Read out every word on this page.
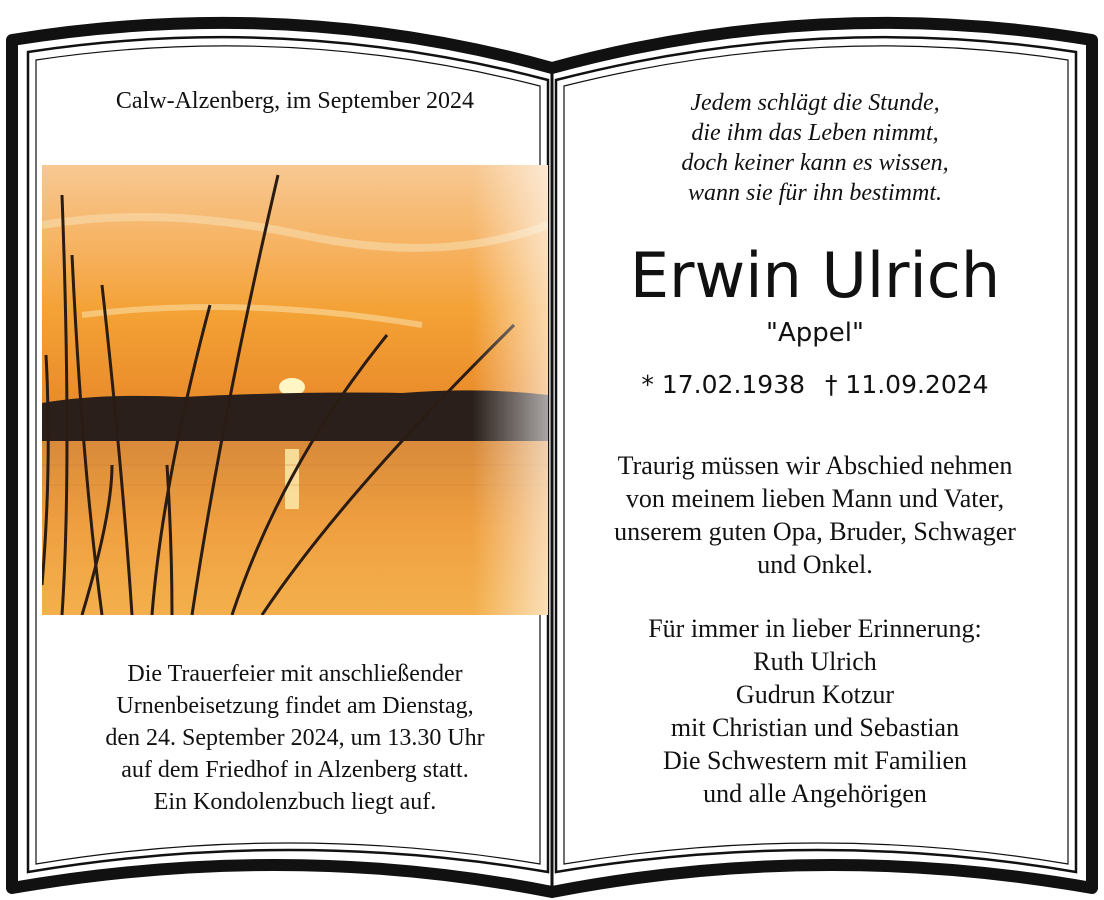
Calw-Alzenberg, im September 2024
Die Trauerfeier mit anschließender
Urnenbeisetzung findet am Dienstag,
den 24. September 2024, um 13.30 Uhr
auf dem Friedhof in Alzenberg statt.
Ein Kondolenzbuch liegt auf.
Jedem schlägt die Stunde,
die ihm das Leben nimmt,
doch keiner kann es wissen,
wann sie für ihn bestimmt.
Erwin Ulrich
"Appel"
* 17.02.1938 † 11.09.2024
Traurig müssen wir Abschied nehmen
von meinem lieben Mann und Vater,
unserem guten Opa, Bruder, Schwager
und Onkel.
Für immer in lieber Erinnerung:
Ruth Ulrich
Gudrun Kotzur
mit Christian und Sebastian
Die Schwestern mit Familien
und alle Angehörigen
